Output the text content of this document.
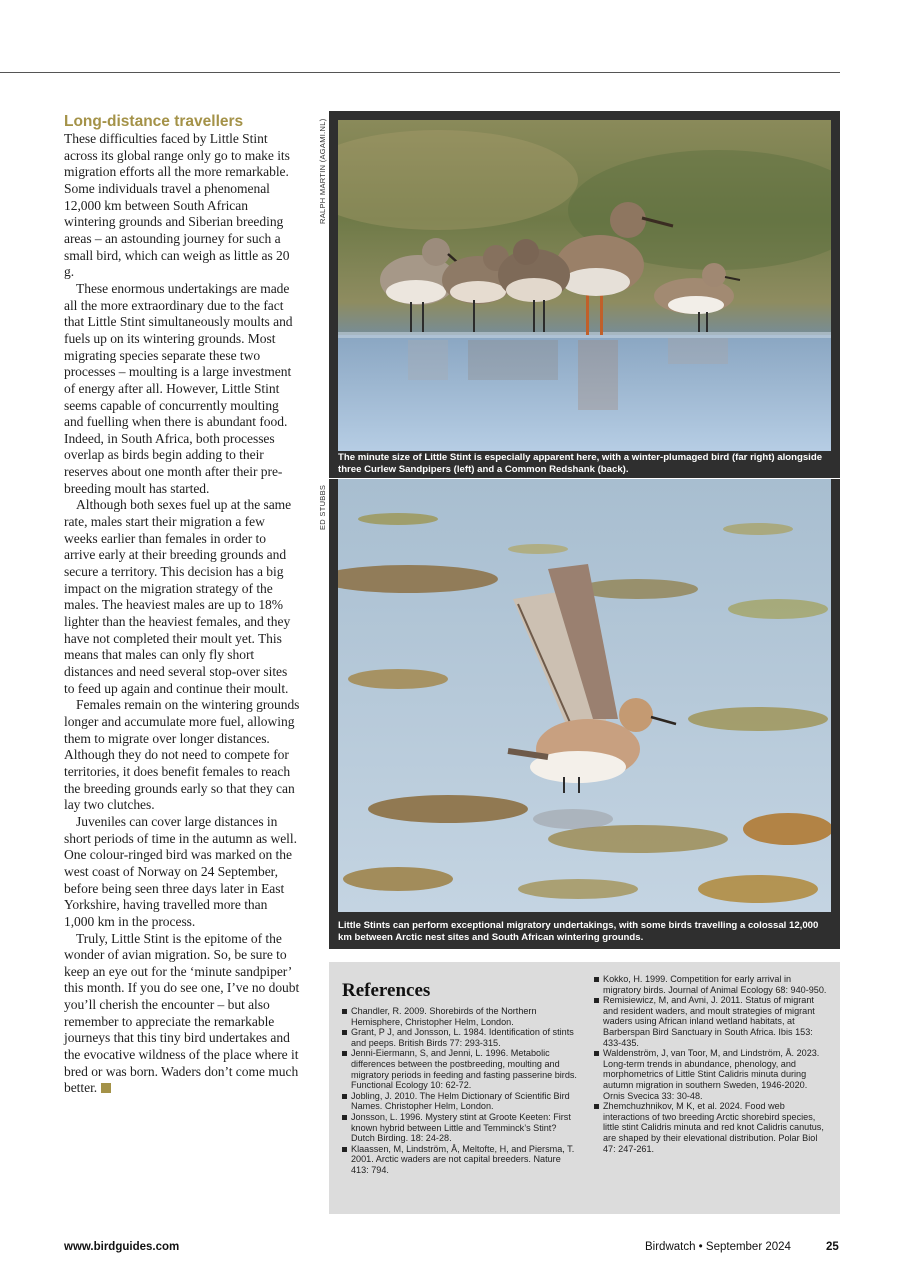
Long-distance travellers

These difficulties faced by Little Stint across its global range only go to make its migration efforts all the more remarkable. Some individuals travel a phenomenal 12,000 km between South African wintering grounds and Siberian breeding areas – an astounding journey for such a small bird, which can weigh as little as 20 g.

These enormous undertakings are made all the more extraordinary due to the fact that Little Stint simultaneously moults and fuels up on its wintering grounds. Most migrating species separate these two processes – moulting is a large investment of energy after all. However, Little Stint seems capable of concurrently moulting and fuelling when there is abundant food. Indeed, in South Africa, both processes overlap as birds begin adding to their reserves about one month after their pre-breeding moult has started.

Although both sexes fuel up at the same rate, males start their migration a few weeks earlier than females in order to arrive early at their breeding grounds and secure a territory. This decision has a big impact on the migration strategy of the males. The heaviest males are up to 18% lighter than the heaviest females, and they have not completed their moult yet. This means that males can only fly short distances and need several stop-over sites to feed up again and continue their moult.

Females remain on the wintering grounds longer and accumulate more fuel, allowing them to migrate over longer distances. Although they do not need to compete for territories, it does benefit females to reach the breeding grounds early so that they can lay two clutches.

Juveniles can cover large distances in short periods of time in the autumn as well. One colour-ringed bird was marked on the west coast of Norway on 24 September, before being seen three days later in East Yorkshire, having travelled more than 1,000 km in the process.

Truly, Little Stint is the epitome of the wonder of avian migration. So, be sure to keep an eye out for the ‘minute sandpiper’ this month. If you do see one, I’ve no doubt you’ll cherish the encounter – but also remember to appreciate the remarkable journeys that this tiny bird undertakes and the evocative wildness of the place where it bred or was born. Waders don’t come much better.

RALPH MARTIN (AGAMI.NL)
ED STUBBS
The minute size of Little Stint is especially apparent here, with a winter-plumaged bird (far right) alongside three Curlew Sandpipers (left) and a Common Redshank (back).
Little Stints can perform exceptional migratory undertakings, with some birds travelling a colossal 12,000 km between Arctic nest sites and South African wintering grounds.
References
Chandler, R. 2009. Shorebirds of the Northern Hemisphere, Christopher Helm, London.
Grant, P J, and Jonsson, L. 1984. Identification of stints and peeps. British Birds 77: 293-315.
Jenni-Eiermann, S, and Jenni, L. 1996. Metabolic differences between the postbreeding, moulting and migratory periods in feeding and fasting passerine birds. Functional Ecology 10: 62-72.
Jobling, J. 2010. The Helm Dictionary of Scientific Bird Names. Christopher Helm, London.
Jonsson, L. 1996. Mystery stint at Groote Keeten: First known hybrid between Little and Temminck’s Stint? Dutch Birding. 18: 24-28.
Klaassen, M, Lindström, Å, Meltofte, H, and Piersma, T. 2001. Arctic waders are not capital breeders. Nature 413: 794.
Kokko, H. 1999. Competition for early arrival in migratory birds. Journal of Animal Ecology 68: 940-950.
Remisiewicz, M, and Avni, J. 2011. Status of migrant and resident waders, and moult strategies of migrant waders using African inland wetland habitats, at Barberspan Bird Sanctuary in South Africa. Ibis 153: 433-435.
Waldenström, J, van Toor, M, and Lindström, Å. 2023. Long-term trends in abundance, phenology, and morphometrics of Little Stint Calidris minuta during autumn migration in southern Sweden, 1946-2020. Ornis Svecica 33: 30-48.
Zhemchuzhnikov, M K, et al. 2024. Food web interactions of two breeding Arctic shorebird species, little stint Calidris minuta and red knot Calidris canutus, are shaped by their elevational distribution. Polar Biol 47: 247-261.
www.birdguides.com	Birdwatch • September 2024	25
